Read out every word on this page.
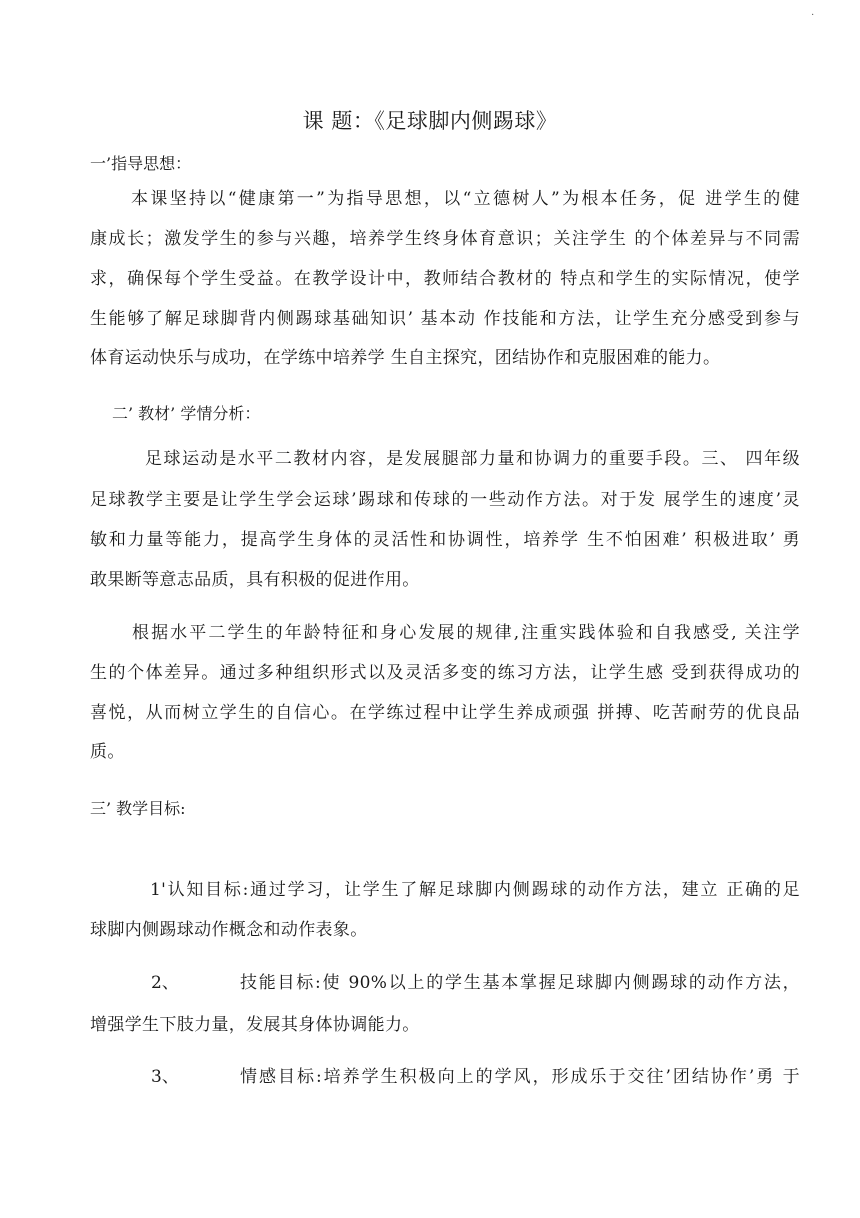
·
课 题：《足球脚内侧踢球》
一’指导思想：
本课坚持以“健康第一”为指导思想，以“立德树人”为根本任务，促 进学生的健
康成长；激发学生的参与兴趣，培养学生终身体育意识；关注学生 的个体差异与不同需
求，确保每个学生受益。在教学设计中，教师结合教材的 特点和学生的实际情况，使学
生能够了解足球脚背内侧踢球基础知识’ 基本动 作技能和方法，让学生充分感受到参与
体育运动快乐与成功，在学练中培养学 生自主探究，团结协作和克服困难的能力。
二’ 教材’ 学情分析：
足球运动是水平二教材内容，是发展腿部力量和协调力的重要手段。三、 四年级
足球教学主要是让学生学会运球’踢球和传球的一些动作方法。对于发 展学生的速度’灵
敏和力量等能力，提高学生身体的灵活性和协调性，培养学 生不怕困难’ 积极进取’ 勇
敢果断等意志品质，具有积极的促进作用。
根据水平二学生的年龄特征和身心发展的规律,注重实践体验和自我感受, 关注学
生的个体差异。通过多种组织形式以及灵活多变的练习方法，让学生感 受到获得成功的
喜悦，从而树立学生的自信心。在学练过程中让学生养成顽强 拼搏、吃苦耐劳的优良品
质。
三’ 教学目标:
1'认知目标:通过学习，让学生了解足球脚内侧踢球的动作方法，建立 正确的足
球脚内侧踢球动作概念和动作表象。
2、	技能目标:使 90%以上的学生基本掌握足球脚内侧踢球的动作方法，
增强学生下肢力量，发展其身体协调能力。
3、	情感目标:培养学生积极向上的学风，形成乐于交往’团结协作’勇 于
